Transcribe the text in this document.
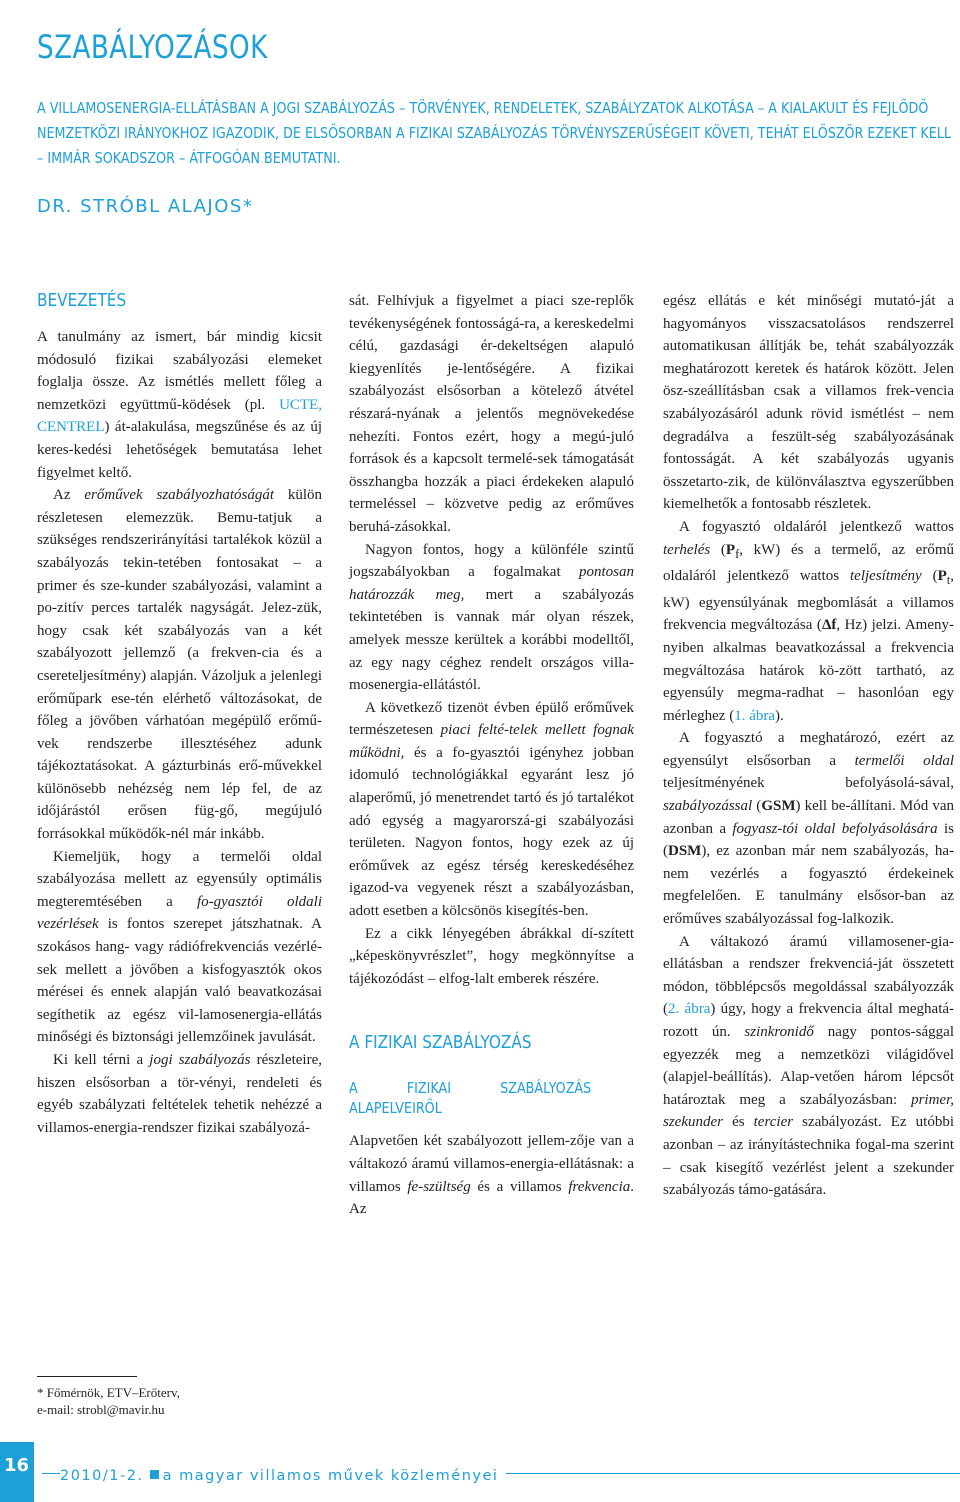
SZABÁLYOZÁSOK
A VILLAMOSENERGIA-ELLÁTÁSBAN A JOGI SZABÁLYOZÁS – TÖRVÉNYEK, RENDELETEK, SZABÁLYZATOK ALKOTÁSA – A KIALAKULT ÉS FEJLŐDŐ NEMZETKÖZI IRÁNYOKHOZ IGAZODIK, DE ELSŐSORBAN A FIZIKAI SZABÁLYOZÁS TÖRVÉNYSZERŰSÉGEIT KÖVETI, TEHÁT ELŐSZÖR EZEKET KELL – IMMÁR SOKADSZOR – ÁTFOGÓAN BEMUTATNI.
DR. STRÓBL ALAJOS*
BEVEZETÉS

A tanulmány az ismert, bár mindig kicsit módosuló fizikai szabályozási elemeket foglalja össze. Az ismétlés mellett főleg a nemzetközi együttmű-ködések (pl. UCTE, CENTREL) át-alakulása, megszűnése és az új keres-kedési lehetőségek bemutatása lehet figyelmet keltő.

Az erőművek szabályozhatóságát külön részletesen elemezzük. Bemu-tatjuk a szükséges rendszerirányítási tartalékok közül a szabályozás tekin-tetében fontosakat – a primer és sze-kunder szabályozási, valamint a po-zitív perces tartalék nagyságát. Jelez-zük, hogy csak két szabályozás van a két szabályozott jellemző (a frekven-cia és a csereteljesítmény) alapján. Vázoljuk a jelenlegi erőműpark ese-tén elérhető változásokat, de főleg a jövőben várhatóan megépülő erőmű-vek rendszerbe illesztéséhez adunk tájékoztatásokat. A gázturbinás erő-művekkel különösebb nehézség nem lép fel, de az időjárástól erősen füg-gő, megújuló forrásokkal működők-nél már inkább.

Kiemeljük, hogy a termelői oldal szabályozása mellett az egyensúly optimális megteremtésében a fo-gyasztói oldali vezérlések is fontos szerepet játszhatnak. A szokásos hang- vagy rádiófrekvenciás vezérlé-sek mellett a jövőben a kisfogyasztók okos mérései és ennek alapján való beavatkozásai segíthetik az egész vil-lamosenergia-ellátás minőségi és biztonsági jellemzőinek javulását.

Ki kell térni a jogi szabályozás részleteire, hiszen elsősorban a tör-vényi, rendeleti és egyéb szabályzati feltételek tehetik nehézzé a villamos-energia-rendszer fizikai szabályozá-

* Főmérnök, ETV–Erőterv,
e-mail: strobl@mavir.hu

sát. Felhívjuk a figyelmet a piaci sze-replők tevékenységének fontosságá-ra, a kereskedelmi célú, gazdasági ér-dekeltségen alapuló kiegyenlítés je-lentőségére. A fizikai szabályozást elsősorban a kötelező átvétel részará-nyának a jelentős megnövekedése nehezíti. Fontos ezért, hogy a megú-juló források és a kapcsolt termelé-sek támogatását összhangba hozzák a piaci érdekeken alapuló termeléssel – közvetve pedig az erőműves beruhá-zásokkal.

Nagyon fontos, hogy a különféle szintű jogszabályokban a fogalmakat pontosan határozzák meg, mert a szabályozás tekintetében is vannak már olyan részek, amelyek messze kerültek a korábbi modelltől, az egy nagy céghez rendelt országos villa-mosenergia-ellátástól.

A következő tizenöt évben épülő erőművek természetesen piaci felté-telek mellett fognak működni, és a fo-gyasztói igényhez jobban idomuló technológiákkal egyaránt lesz jó alaperőmű, jó menetrendet tartó és jó tartalékot adó egység a magyarorszá-gi szabályozási területen. Nagyon fontos, hogy ezek az új erőművek az egész térség kereskedéséhez igazod-va vegyenek részt a szabályozásban, adott esetben a kölcsönös kisegítés-ben.

Ez a cikk lényegében ábrákkal dí-szített „képeskönyvrészlet”, hogy megkönnyítse a tájékozódást – elfog-lalt emberek részére.

A FIZIKAI SZABÁLYOZÁS
A FIZIKAI SZABÁLYOZÁS ALAPELVEIRŐL

Alapvetően két szabályozott jellem-zője van a váltakozó áramú villamos-energia-ellátásnak: a villamos fe-szültség és a villamos frekvencia. Az

egész ellátás e két minőségi mutató-ját a hagyományos visszacsatolásos rendszerrel automatikusan állítják be, tehát szabályozzák meghatározott keretek és határok között. Jelen ösz-szeállításban csak a villamos frek-vencia szabályozásáról adunk rövid ismétlést – nem degradálva a feszült-ség szabályozásának fontosságát. A két szabályozás ugyanis összetarto-zik, de különválasztva egyszerűbben kiemelhetők a fontosabb részletek.

A fogyasztó oldaláról jelentkező wattos terhelés ($P_f$, kW) és a termelő, az erőmű oldaláról jelentkező wattos teljesítmény ($P_t$, kW) egyensúlyának megbomlását a villamos frekvencia megváltozása (Δf, Hz) jelzi. Ameny-nyiben alkalmas beavatkozással a frekvencia megváltozása határok kö-zött tartható, az egyensúly megma-radhat – hasonlóan egy mérleghez (1. ábra).

A fogyasztó a meghatározó, ezért az egyensúlyt elsősorban a termelői oldal teljesítményének befolyásolá-sával, szabályozással (GSM) kell be-állítani. Mód van azonban a fogyasz-tói oldal befolyásolására is (DSM), ez azonban már nem szabályozás, ha-nem vezérlés a fogyasztó érdekeinek megfelelően. E tanulmány elsősor-ban az erőműves szabályozással fog-lalkozik.

A váltakozó áramú villamosener-gia-ellátásban a rendszer frekvenciá-ját összetett módon, többlépcsős megoldással szabályozzák (2. ábra) úgy, hogy a frekvencia által meghatá-rozott ún. szinkronidő nagy pontos-sággal egyezzék meg a nemzetközi világidővel (alapjel-beállítás). Alap-vetően három lépcsőt határoztak meg a szabályozásban: primer, szekunder és tercier szabályozást. Ez utóbbi azonban – az irányítástechnika fogal-ma szerint – csak kisegítő vezérlést jelent a szekunder szabályozás támo-gatására.

16 2010/1-2. a magyar villamos művek közleményei
